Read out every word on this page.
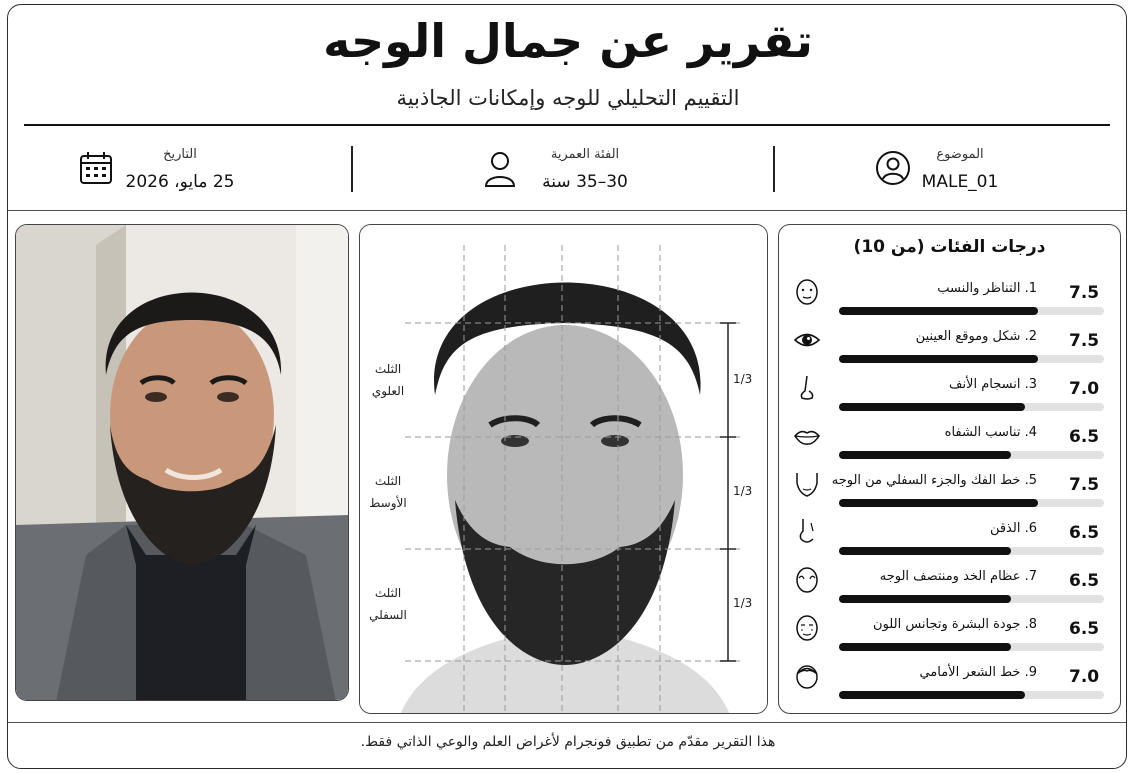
تقرير عن جمال الوجه
التقييم التحليلي للوجه وإمكانات الجاذبية
الموضوع
MALE_01
الفئة العمرية
30–35 سنة
التاريخ
25 مايو، 2026
الثلث
العلوي
الثلث
الأوسط
الثلث
السفلي
1/3
1/3
1/3
درجات الفئات (من 10)
1. التناظر والنسب 7.5
2. شكل وموقع العينين 7.5
3. انسجام الأنف 7.0
4. تناسب الشفاه 6.5
5. خط الفك والجزء السفلي من الوجه 7.5
6. الذقن 6.5
7. عظام الخد ومنتصف الوجه 6.5
8. جودة البشرة وتجانس اللون 6.5
9. خط الشعر الأمامي 7.0
هذا التقرير مقدّم من تطبيق فونجرام لأغراض العلم والوعي الذاتي فقط.
